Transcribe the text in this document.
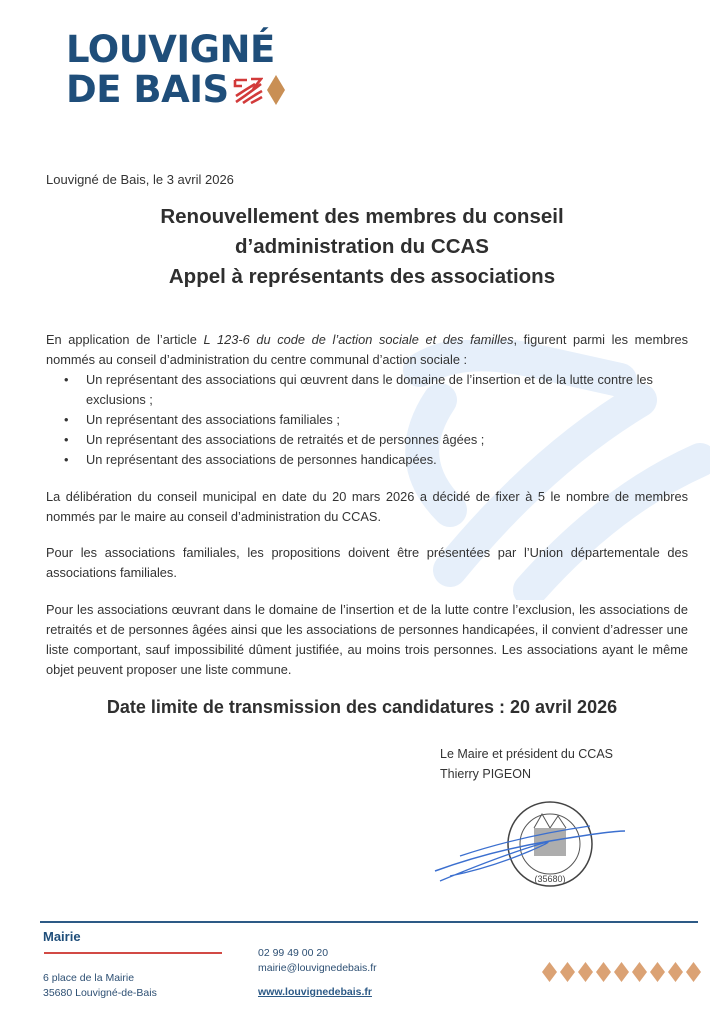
LOUVIGNÉ
DE BAIS
Louvigné de Bais, le 3 avril 2026
Renouvellement des membres du conseil
d’administration du CCAS
Appel à représentants des associations
En application de l’article L 123-6 du code de l’action sociale et des familles, figurent parmi les membres nommés au conseil d’administration du centre communal d’action sociale :
• Un représentant des associations qui œuvrent dans le domaine de l’insertion et de la lutte contre les exclusions ;
• Un représentant des associations familiales ;
• Un représentant des associations de retraités et de personnes âgées ;
• Un représentant des associations de personnes handicapées.
La délibération du conseil municipal en date du 20 mars 2026 a décidé de fixer à 5 le nombre de membres nommés par le maire au conseil d’administration du CCAS.
Pour les associations familiales, les propositions doivent être présentées par l’Union départementale des associations familiales.
Pour les associations œuvrant dans le domaine de l’insertion et de la lutte contre l’exclusion, les associations de retraités et de personnes âgées ainsi que les associations de personnes handicapées, il convient d’adresser une liste comportant, sauf impossibilité dûment justifiée, au moins trois personnes. Les associations ayant le même objet peuvent proposer une liste commune.
Date limite de transmission des candidatures : 20 avril 2026
Le Maire et président du CCAS
Thierry PIGEON
(35680)
Mairie
6 place de la Mairie
35680 Louvigné-de-Bais
02 99 49 00 20
mairie@louvignedebais.fr
www.louvignedebais.fr
